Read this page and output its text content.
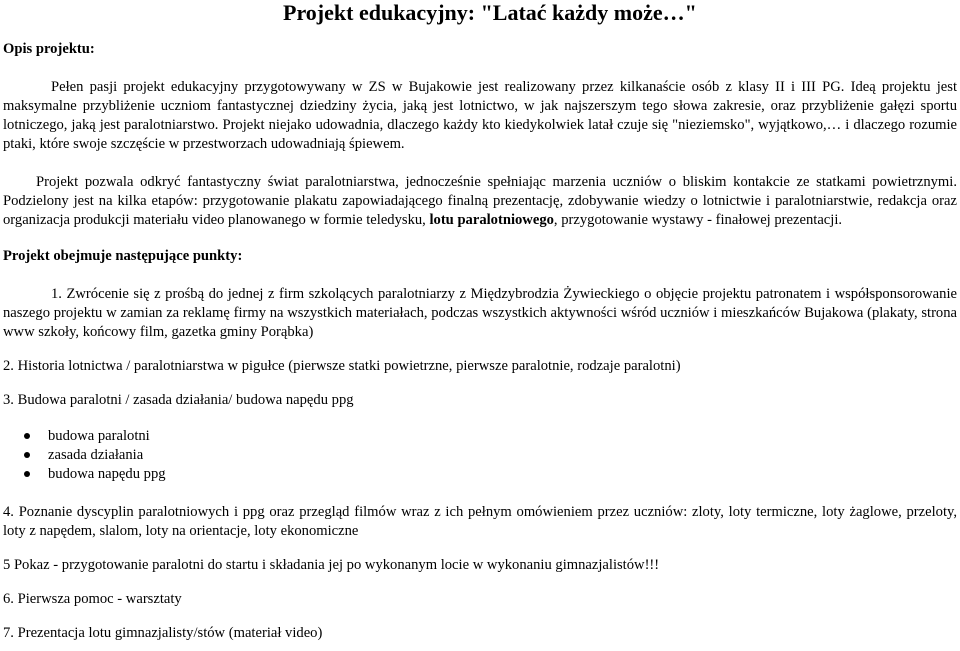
Projekt edukacyjny: "Latać każdy może…"
Opis projektu:

Pełen pasji projekt edukacyjny przygotowywany w ZS w Bujakowie jest realizowany przez kilkanaście osób z klasy II i III PG. Ideą projektu jest maksymalne przybliżenie uczniom fantastycznej dziedziny życia, jaką jest lotnictwo, w jak najszerszym tego słowa zakresie, oraz przybliżenie gałęzi sportu lotniczego, jaką jest paralotniarstwo. Projekt niejako udowadnia, dlaczego każdy kto kiedykolwiek latał czuje się "nieziemsko", wyjątkowo,… i dlaczego rozumie ptaki, które swoje szczęście w przestworzach udowadniają śpiewem.

Projekt pozwala odkryć fantastyczny świat paralotniarstwa, jednocześnie spełniając marzenia uczniów o bliskim kontakcie ze statkami powietrznymi. Podzielony jest na kilka etapów: przygotowanie plakatu zapowiadającego finalną prezentację, zdobywanie wiedzy o lotnictwie i paralotniarstwie, redakcja oraz organizacja produkcji materiału video planowanego w formie teledysku, lotu paralotniowego, przygotowanie wystawy - finałowej prezentacji.

Projekt obejmuje następujące punkty:

1. Zwrócenie się z prośbą do jednej z firm szkolących paralotniarzy z Międzybrodzia Żywieckiego o objęcie projektu patronatem i współsponsorowanie naszego projektu w zamian za reklamę firmy na wszystkich materiałach, podczas wszystkich aktywności wśród uczniów i mieszkańców Bujakowa (plakaty, strona www szkoły, końcowy film, gazetka gminy Porąbka)

2. Historia lotnictwa / paralotniarstwa w pigułce (pierwsze statki powietrzne, pierwsze paralotnie, rodzaje paralotni)

3. Budowa paralotni / zasada działania/ budowa napędu ppg

budowa paralotni
zasada działania
budowa napędu ppg

4. Poznanie dyscyplin paralotniowych i ppg oraz przegląd filmów wraz z ich pełnym omówieniem przez uczniów: zloty, loty termiczne, loty żaglowe, przeloty, loty z napędem, slalom, loty na orientacje, loty ekonomiczne

5 Pokaz - przygotowanie paralotni do startu i składania jej po wykonanym locie w wykonaniu gimnazjalistów!!!

6. Pierwsza pomoc - warsztaty

7. Prezentacja lotu gimnazjalisty/stów (materiał video)
